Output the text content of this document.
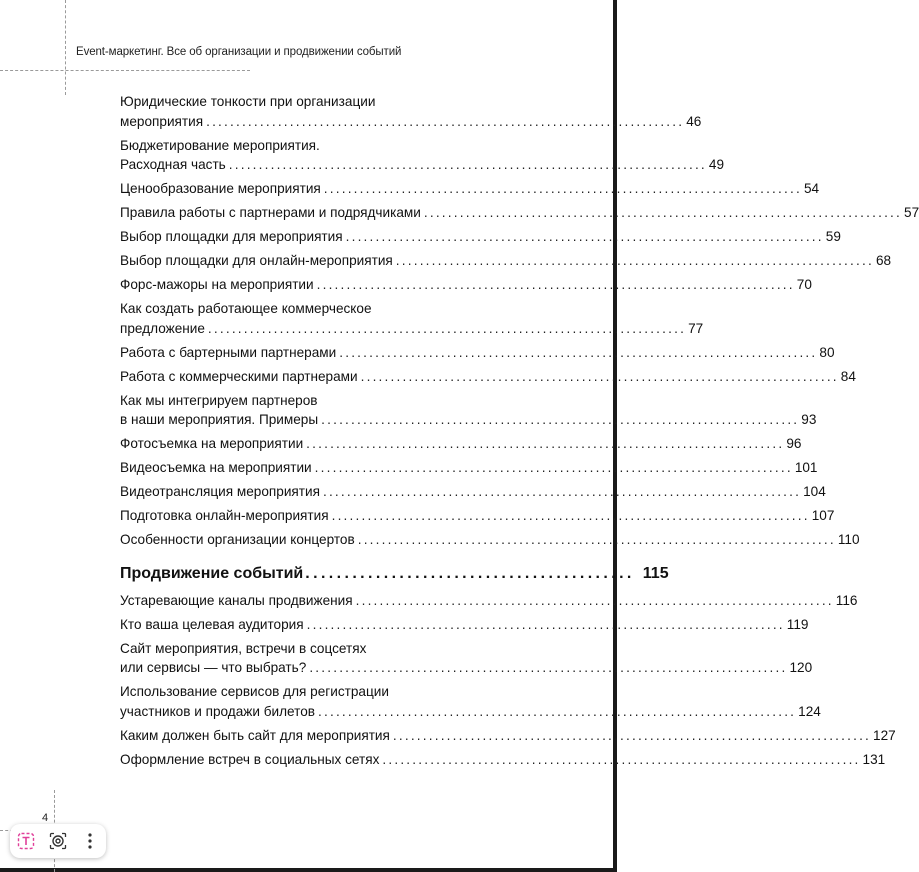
Event-маркетинг. Все об организации и продвижении событий
Юридические тонкости при организации
мероприятия ................................................................................ 46
Бюджетирование мероприятия.
Расходная часть ................................................................................ 49
Ценообразование мероприятия ................................................................................ 54
Правила работы с партнерами и подрядчиками ................................................................................ 57
Выбор площадки для мероприятия ................................................................................ 59
Выбор площадки для онлайн-мероприятия ................................................................................ 68
Форс-мажоры на мероприятии ................................................................................ 70
Как создать работающее коммерческое
предложение ................................................................................ 77
Работа с бартерными партнерами ................................................................................ 80
Работа с коммерческими партнерами ................................................................................ 84
Как мы интегрируем партнеров
в наши мероприятия. Примеры ................................................................................ 93
Фотосъемка на мероприятии ................................................................................ 96
Видеосъемка на мероприятии ................................................................................ 101
Видеотрансляция мероприятия ................................................................................ 104
Подготовка онлайн-мероприятия ................................................................................ 107
Особенности организации концертов ................................................................................ 110
Продвижение событий .......................................... 115
Устаревающие каналы продвижения ................................................................................ 116
Кто ваша целевая аудитория ................................................................................ 119
Сайт мероприятия, встречи в соцсетях
или сервисы — что выбрать? ................................................................................ 120
Использование сервисов для регистрации
участников и продажи билетов ................................................................................ 124
Каким должен быть сайт для мероприятия ................................................................................ 127
Оформление встреч в социальных сетях ................................................................................ 131
4
